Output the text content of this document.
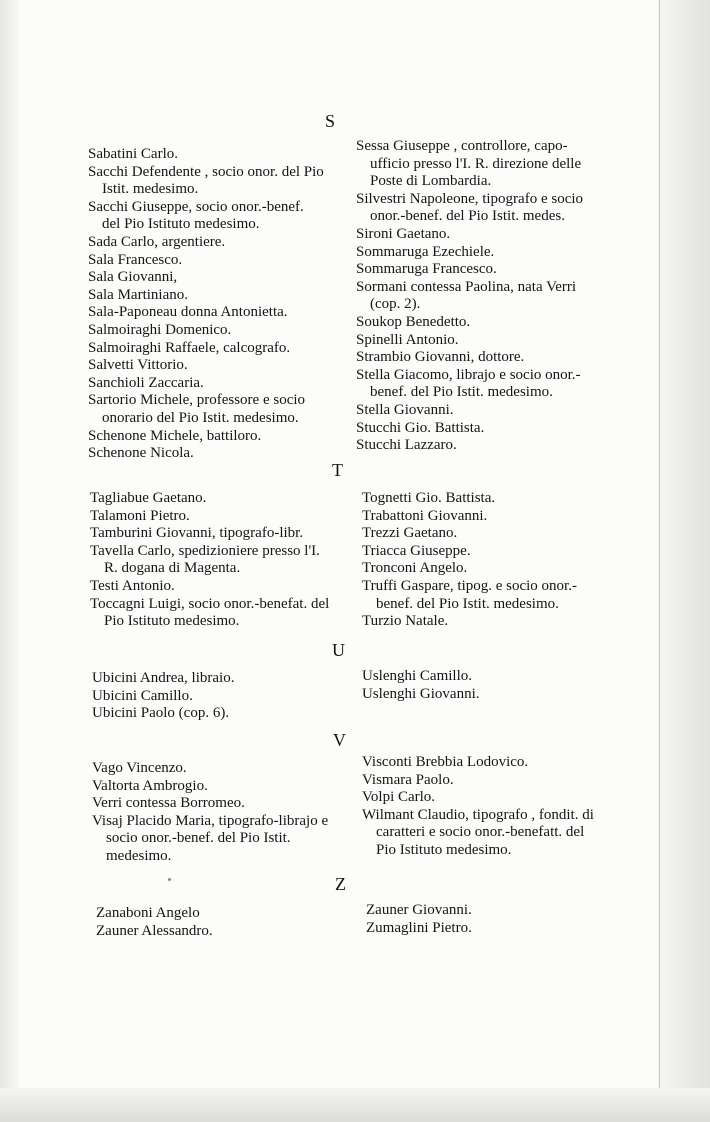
S
Sabatini Carlo.
Sacchi Defendente , socio onor. del Pio Istit. medesimo.
Sacchi Giuseppe, socio onor.-benef. del Pio Istituto medesimo.
Sada Carlo, argentiere.
Sala Francesco.
Sala Giovanni,
Sala Martiniano.
Sala-Paponeau donna Antonietta.
Salmoiraghi Domenico.
Salmoiraghi Raffaele, calcografo.
Salvetti Vittorio.
Sanchioli Zaccaria.
Sartorio Michele, professore e socio onorario del Pio Istit. medesimo.
Schenone Michele, battiloro.
Schenone Nicola.
Sessa Giuseppe , controllore, capo-ufficio presso l'I. R. direzione delle Poste di Lombardia.
Silvestri Napoleone, tipografo e socio onor.-benef. del Pio Istit. medes.
Sironi Gaetano.
Sommaruga Ezechiele.
Sommaruga Francesco.
Sormani contessa Paolina, nata Verri (cop. 2).
Soukop Benedetto.
Spinelli Antonio.
Strambio Giovanni, dottore.
Stella Giacomo, librajo e socio onor.-benef. del Pio Istit. medesimo.
Stella Giovanni.
Stucchi Gio. Battista.
Stucchi Lazzaro.
T
Tagliabue Gaetano.
Talamoni Pietro.
Tamburini Giovanni, tipografo-libr.
Tavella Carlo, spedizioniere presso l'I. R. dogana di Magenta.
Testi Antonio.
Toccagni Luigi, socio onor.-benefat. del Pio Istituto medesimo.
Tognetti Gio. Battista.
Trabattoni Giovanni.
Trezzi Gaetano.
Triacca Giuseppe.
Tronconi Angelo.
Truffi Gaspare, tipog. e socio onor.-benef. del Pio Istit. medesimo.
Turzio Natale.
U
Ubicini Andrea, libraio.
Ubicini Camillo.
Ubicini Paolo (cop. 6).
Uslenghi Camillo.
Uslenghi Giovanni.
V
Vago Vincenzo.
Valtorta Ambrogio.
Verri contessa Borromeo.
Visaj Placido Maria, tipografo-librajo e socio onor.-benef. del Pio Istit. medesimo.
Visconti Brebbia Lodovico.
Vismara Paolo.
Volpi Carlo.
Wilmant Claudio, tipografo , fondit. di caratteri e socio onor.-benefatt. del Pio Istituto medesimo.
Z
Zanaboni Angelo
Zauner Alessandro.
Zauner Giovanni.
Zumaglini Pietro.
